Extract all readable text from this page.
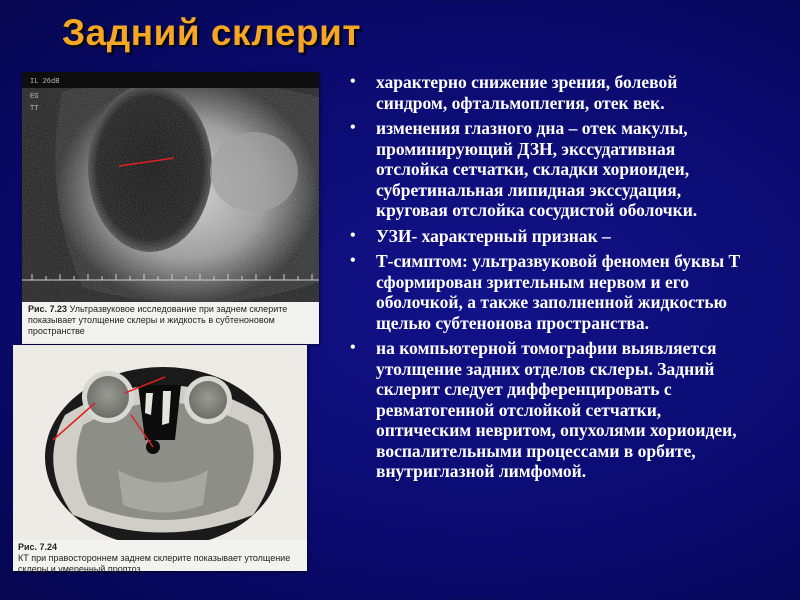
Задний склерит
IL 26dB
EG
TT
Рис. 7.23 Ультразвуковое исследование при заднем склерите показывает утолщение склеры и жидкость в субтеноновом пространстве
Рис. 7.24
КТ при правостороннем заднем склерите показывает утолщение склеры и умеренный проптоз
• характерно снижение зрения, болевой синдром, офтальмоплегия, отек век.
• изменения глазного дна – отек макулы, проминирующий ДЗН, экссудативная отслойка сетчатки, складки хориоидеи, субретинальная липидная экссудация, круговая отслойка сосудистой оболочки.
• УЗИ- характерный признак –
• Т-симптом: ультразвуковой феномен буквы Т сформирован зрительным нервом и его оболочкой, а также заполненной жидкостью щелью субтенонова пространства.
• на компьютерной томографии выявляется утолщение задних отделов склеры. Задний склерит следует дифференцировать с ревматогенной отслойкой сетчатки, оптическим невритом, опухолями хориоидеи, воспалительными процессами в орбите, внутриглазной лимфомой.
